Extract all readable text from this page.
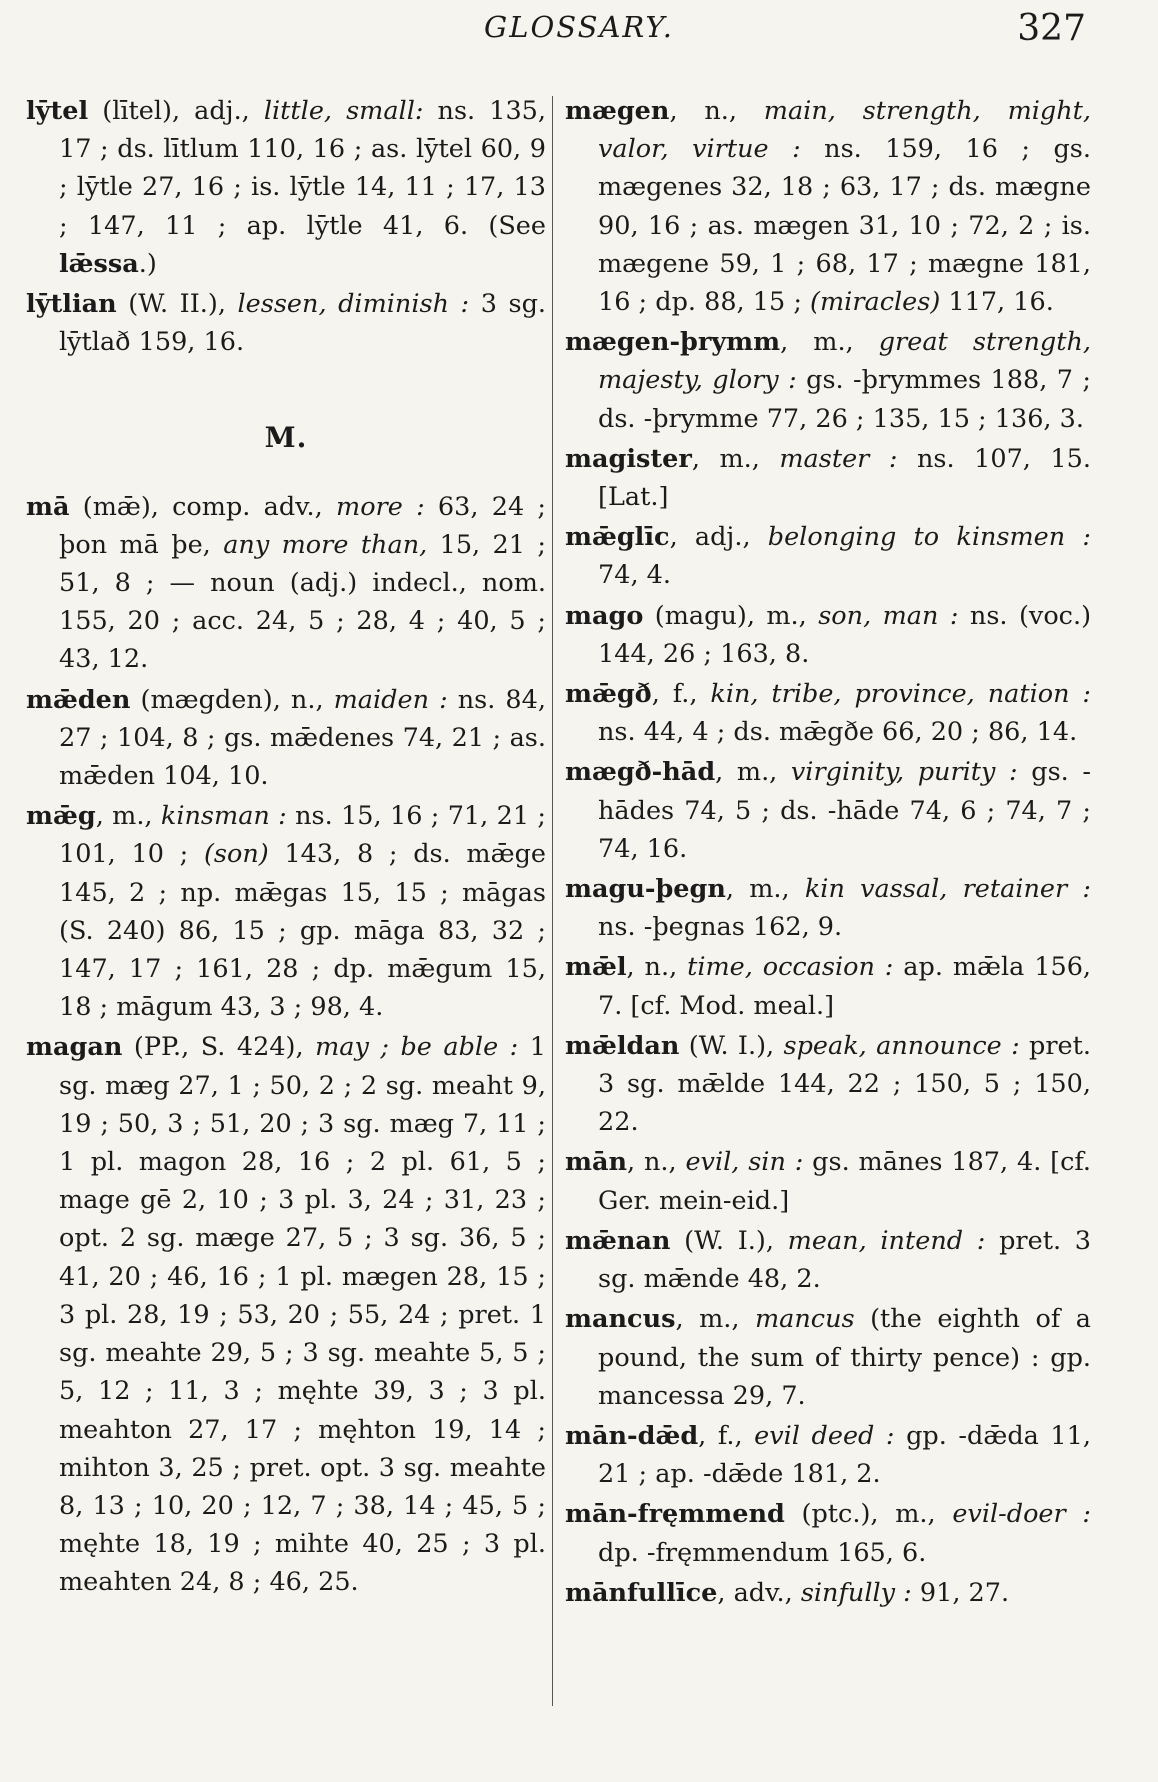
GLOSSARY.	327

lȳtel (lītel), adj., little, small: ns. 135, 17 ; ds. lītlum 110, 16 ; as. lȳtel 60, 9 ; lȳtle 27, 16 ; is. lȳtle 14, 11 ; 17, 13 ; 147, 11 ; ap. lȳtle 41, 6. (See lǣssa.)

lȳtlian (W. II.), lessen, diminish : 3 sg. lȳtlað 159, 16.

M.

mā (mǣ), comp. adv., more : 63, 24 ; þon mā þe, any more than, 15, 21 ; 51, 8 ; — noun (adj.) indecl., nom. 155, 20 ; acc. 24, 5 ; 28, 4 ; 40, 5 ; 43, 12.

mǣden (mægden), n., maiden : ns. 84, 27 ; 104, 8 ; gs. mǣdenes 74, 21 ; as. mǣden 104, 10.

mǣg, m., kinsman : ns. 15, 16 ; 71, 21 ; 101, 10 ; (son) 143, 8 ; ds. mǣge 145, 2 ; np. mǣgas 15, 15 ; māgas (S. 240) 86, 15 ; gp. māga 83, 32 ; 147, 17 ; 161, 28 ; dp. mǣgum 15, 18 ; māgum 43, 3 ; 98, 4.

magan (PP., S. 424), may ; be able : 1 sg. mæg 27, 1 ; 50, 2 ; 2 sg. meaht 9, 19 ; 50, 3 ; 51, 20 ; 3 sg. mæg 7, 11 ; 1 pl. magon 28, 16 ; 2 pl. 61, 5 ; mage gē 2, 10 ; 3 pl. 3, 24 ; 31, 23 ; opt. 2 sg. mæge 27, 5 ; 3 sg. 36, 5 ; 41, 20 ; 46, 16 ; 1 pl. mægen 28, 15 ; 3 pl. 28, 19 ; 53, 20 ; 55, 24 ; pret. 1 sg. meahte 29, 5 ; 3 sg. meahte 5, 5 ; 5, 12 ; 11, 3 ; męhte 39, 3 ; 3 pl. meahton 27, 17 ; męhton 19, 14 ; mihton 3, 25 ; pret. opt. 3 sg. meahte 8, 13 ; 10, 20 ; 12, 7 ; 38, 14 ; 45, 5 ; męhte 18, 19 ; mihte 40, 25 ; 3 pl. meahten 24, 8 ; 46, 25.

mægen, n., main, strength, might, valor, virtue : ns. 159, 16 ; gs. mægenes 32, 18 ; 63, 17 ; ds. mægne 90, 16 ; as. mægen 31, 10 ; 72, 2 ; is. mægene 59, 1 ; 68, 17 ; mægne 181, 16 ; dp. 88, 15 ; (miracles) 117, 16.

mægen-þrymm, m., great strength, majesty, glory : gs. -þrymmes 188, 7 ; ds. -þrymme 77, 26 ; 135, 15 ; 136, 3.

magister, m., master : ns. 107, 15. [Lat.]

mǣglīc, adj., belonging to kinsmen : 74, 4.

mago (magu), m., son, man : ns. (voc.) 144, 26 ; 163, 8.

mǣgð, f., kin, tribe, province, nation : ns. 44, 4 ; ds. mǣgðe 66, 20 ; 86, 14.

mægð-hād, m., virginity, purity : gs. -hādes 74, 5 ; ds. -hāde 74, 6 ; 74, 7 ; 74, 16.

magu-þegn, m., kin vassal, retainer : ns. -þegnas 162, 9.

mǣl, n., time, occasion : ap. mǣla 156, 7. [cf. Mod. meal.]

mǣldan (W. I.), speak, announce : pret. 3 sg. mǣlde 144, 22 ; 150, 5 ; 150, 22.

mān, n., evil, sin : gs. mānes 187, 4. [cf. Ger. mein-eid.]

mǣnan (W. I.), mean, intend : pret. 3 sg. mǣnde 48, 2.

mancus, m., mancus (the eighth of a pound, the sum of thirty pence) : gp. mancessa 29, 7.

mān-dǣd, f., evil deed : gp. -dǣda 11, 21 ; ap. -dǣde 181, 2.

mān-fręmmend (ptc.), m., evil-doer : dp. -fręmmendum 165, 6.

mānfullīce, adv., sinfully : 91, 27.
